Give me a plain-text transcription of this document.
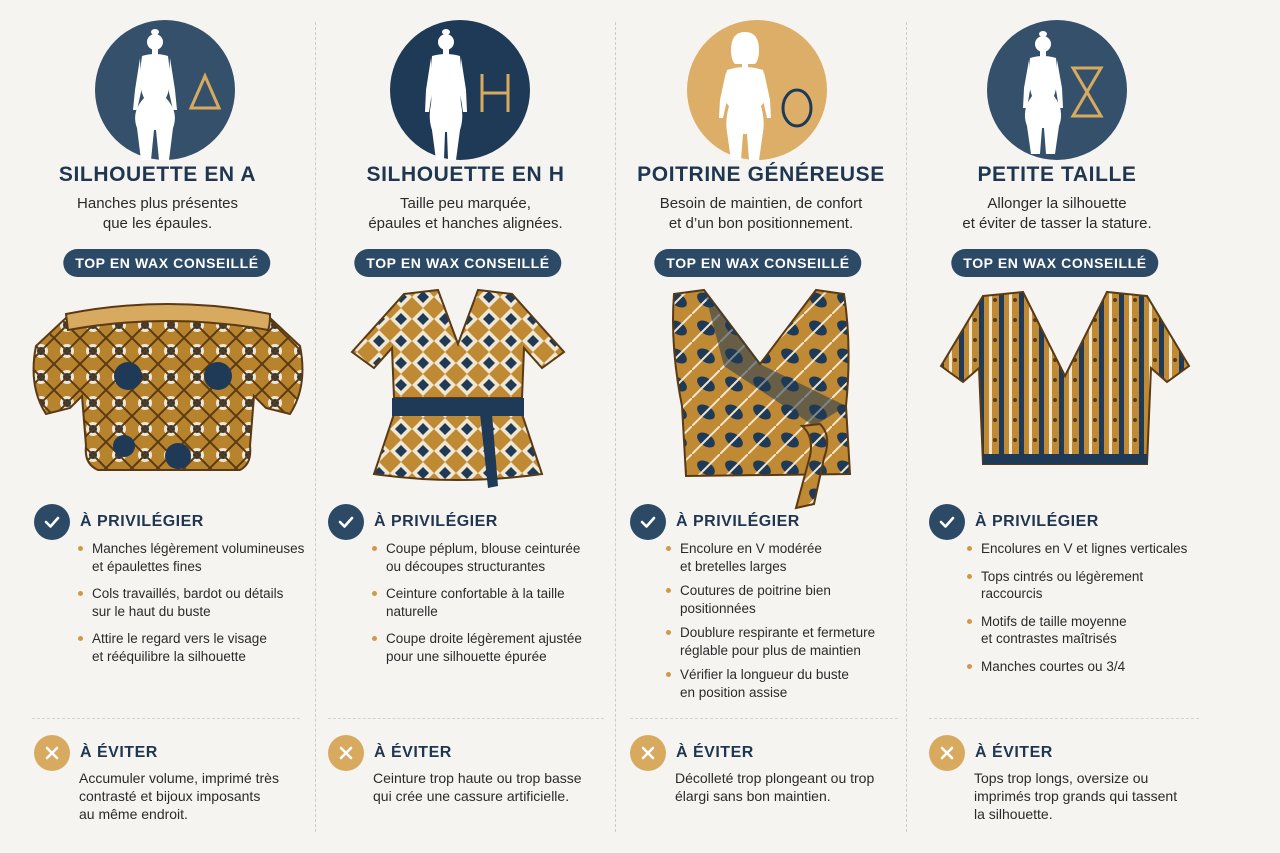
SILHOUETTE EN A
Hanches plus présentes
que les épaules.
TOP EN WAX CONSEILLÉ
À PRIVILÉGIER
Manches légèrement volumineuses
et épaulettes fines
Cols travaillés, bardot ou détails
sur le haut du buste
Attire le regard vers le visage
et rééquilibre la silhouette
À ÉVITER
Accumuler volume, imprimé très
contrasté et bijoux imposants
au même endroit.
SILHOUETTE EN H
Taille peu marquée,
épaules et hanches alignées.
TOP EN WAX CONSEILLÉ
À PRIVILÉGIER
Coupe péplum, blouse ceinturée
ou découpes structurantes
Ceinture confortable à la taille
naturelle
Coupe droite légèrement ajustée
pour une silhouette épurée
À ÉVITER
Ceinture trop haute ou trop basse
qui crée une cassure artificielle.
POITRINE GÉNÉREUSE
Besoin de maintien, de confort
et d’un bon positionnement.
TOP EN WAX CONSEILLÉ
À PRIVILÉGIER
Encolure en V modérée
et bretelles larges
Coutures de poitrine bien
positionnées
Doublure respirante et fermeture
réglable pour plus de maintien
Vérifier la longueur du buste
en position assise
À ÉVITER
Décolleté trop plongeant ou trop
élargi sans bon maintien.
PETITE TAILLE
Allonger la silhouette
et éviter de tasser la stature.
TOP EN WAX CONSEILLÉ
À PRIVILÉGIER
Encolures en V et lignes verticales
Tops cintrés ou légèrement
raccourcis
Motifs de taille moyenne
et contrastes maîtrisés
Manches courtes ou 3/4
À ÉVITER
Tops trop longs, oversize ou
imprimés trop grands qui tassent
la silhouette.
